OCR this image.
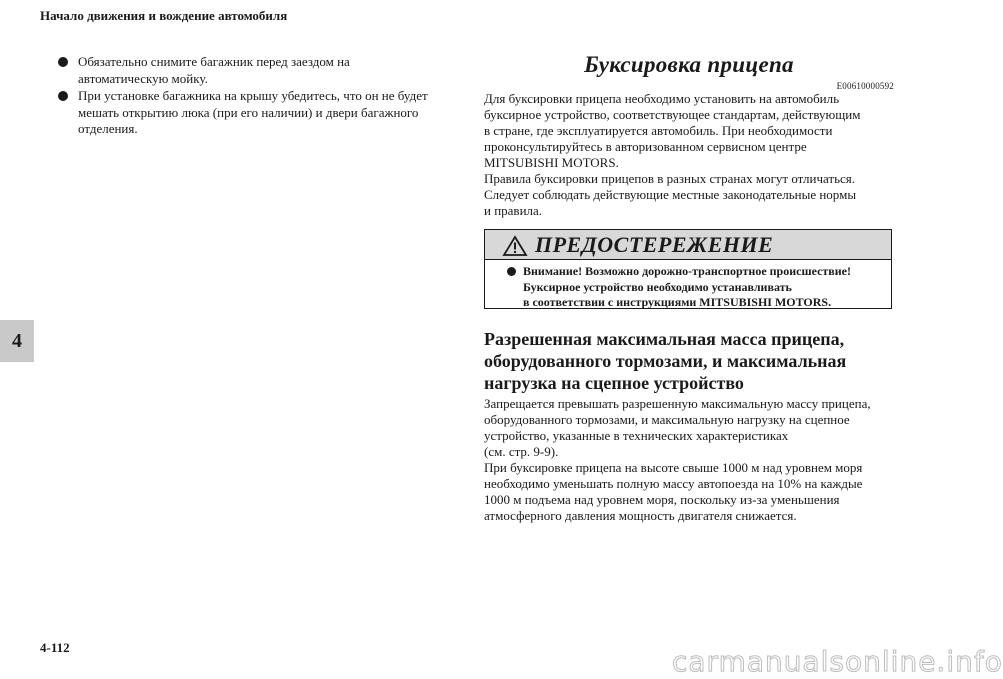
Начало движения и вождение автомобиля
4
Обязательно снимите багажник перед заездом на
автоматическую мойку.
При установке багажника на крышу убедитесь, что он не будет
мешать открытию люка (при его наличии) и двери багажного
отделения.
Буксировка прицепа
E00610000592

Для буксировки прицепа необходимо установить на автомобиль

буксирное устройство, соответствующее стандартам, действующим

в стране, где эксплуатируется автомобиль. При необходимости

проконсультируйтесь в авторизованном сервисном центре

MITSUBISHI MOTORS.

Правила буксировки прицепов в разных странах могут отличаться.

Следует соблюдать действующие местные законодательные нормы

и правила.

ПРЕДОСТЕРЕЖЕНИЕ
Внимание! Возможно дорожно-транспортное происшествие!
Буксирное устройство необходимо устанавливать
в соответствии с инструкциями MITSUBISHI MOTORS.
Разрешенная максимальная масса прицепа,
оборудованного тормозами, и максимальная
нагрузка на сцепное устройство

Запрещается превышать разрешенную максимальную массу прицепа,

оборудованного тормозами, и максимальную нагрузку на сцепное

устройство, указанные в технических характеристиках

(см. стр. 9-9).

При буксировке прицепа на высоте свыше 1000 м над уровнем моря

необходимо уменьшать полную массу автопоезда на 10% на каждые

1000 м подъема над уровнем моря, поскольку из-за уменьшения

атмосферного давления мощность двигателя снижается.

4-112	carmanualsonline.info
